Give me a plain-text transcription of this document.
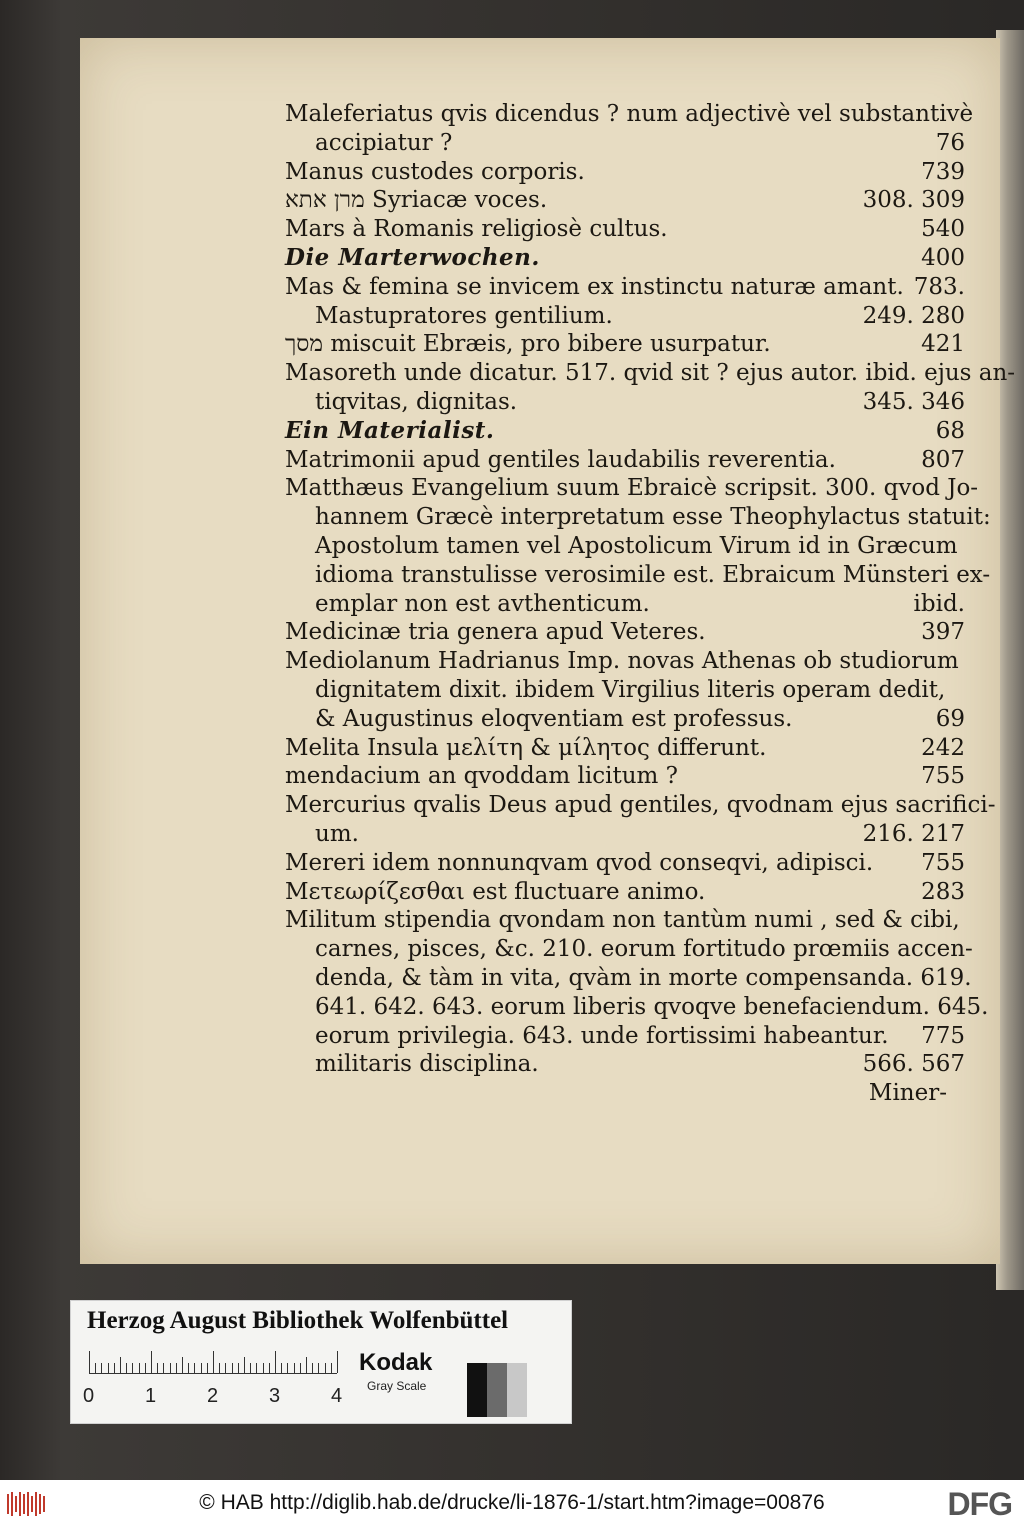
Maleferiatus qvis dicendus ? num adjectivè vel substantivè
accipiatur ?	76
Manus custodes corporis.	739
מרן אתא Syriacæ voces.	308. 309
Mars à Romanis religiosè cultus.	540
Die Marterwochen.	400
Mas & femina se invicem ex instinctu naturæ amant. 783.
Mastupratores gentilium.	249. 280
מסך miscuit Ebræis, pro bibere usurpatur.	421
Masoreth unde dicatur. 517. qvid sit ? ejus autor. ibid. ejus an-
tiqvitas, dignitas.	345. 346
Ein Materialist.	68
Matrimonii apud gentiles laudabilis reverentia.	807
Matthæus Evangelium suum Ebraicè scripsit. 300. qvod Jo-
hannem Græcè interpretatum esse Theophylactus statuit:
Apostolum tamen vel Apostolicum Virum id in Græcum
idioma transtulisse verosimile est. Ebraicum Münsteri ex-
emplar non est avthenticum.	ibid.
Medicinæ tria genera apud Veteres.	397
Mediolanum Hadrianus Imp. novas Athenas ob studiorum
dignitatem dixit. ibidem Virgilius literis operam dedit,
& Augustinus eloqventiam est professus.	69
Melita Insula μελίτη & μίλητος differunt.	242
mendacium an qvoddam licitum ?	755
Mercurius qvalis Deus apud gentiles, qvodnam ejus sacrifici-
um.	216. 217
Mereri idem nonnunqvam qvod conseqvi, adipisci. 755
Μετεωρίζεσθαι est fluctuare animo.	283
Militum stipendia qvondam non tantùm numi , sed & cibi,
carnes, pisces, &c. 210. eorum fortitudo prœmiis accen-
denda, & tàm in vita, qvàm in morte compensanda. 619.
641. 642. 643. eorum liberis qvoqve benefaciendum. 645.
eorum privilegia. 643. unde fortissimi habeantur. 775
militaris disciplina.	566. 567
Miner-
Herzog August Bibliothek Wolfenbüttel
0	1	2	3	4
Kodak
Gray Scale
© HAB http://diglib.hab.de/drucke/li-1876-1/start.htm?image=00876	DFG
